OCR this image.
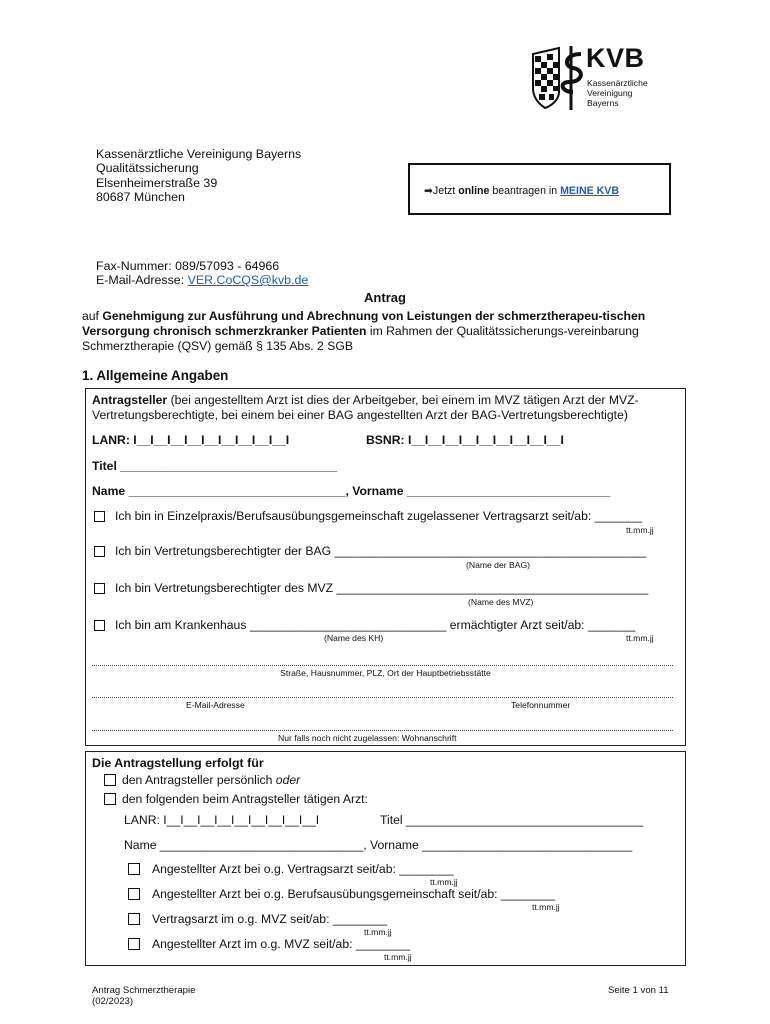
KVB
Kassenärztliche
Vereinigung
Bayerns
Kassenärztliche Vereinigung Bayerns
Qualitätssicherung
Elsenheimerstraße 39
80687 München	➡Jetzt online beantragen in MEINE KVB
Fax-Nummer: 089/57093 - 64966
E-Mail-Adresse: VER.CoCQS@kvb.de
Antrag
auf Genehmigung zur Ausführung und Abrechnung von Leistungen der schmerztherapeu-tischen Versorgung chronisch schmerzkranker Patienten im Rahmen der Qualitätssicherungs-vereinbarung Schmerztherapie (QSV) gemäß § 135 Abs. 2 SGB
1. Allgemeine Angaben
Antragsteller (bei angestelltem Arzt ist dies der Arbeitgeber, bei einem im MVZ tätigen Arzt der MVZ-
Vertretungsberechtigte, bei einem bei einer BAG angestellten Arzt der BAG-Vertretungsberechtigte)
LANR: I__I__I__I__I__I__I__I__I__I	BSNR: I__I__I__I__I__I__I__I__I__I
Titel ________________________________
Name ________________________________, Vorname ______________________________
Ich bin in Einzelpraxis/Berufsausübungsgemeinschaft zugelassener Vertragsarzt seit/ab: _______
tt.mm.jj
Ich bin Vertretungsberechtigter der BAG ______________________________________________
(Name der BAG)
Ich bin Vertretungsberechtigter des MVZ ______________________________________________
(Name des MVZ)
Ich bin am Krankenhaus _____________________________ ermächtigter Arzt seit/ab: _______
(Name des KH)	tt.mm.jj
Straße, Hausnummer, PLZ, Ort der Hauptbetriebsstätte
E-Mail-Adresse	Telefonnummer
Nur falls noch nicht zugelassen: Wohnanschrift
Die Antragstellung erfolgt für
den Antragsteller persönlich oder
den folgenden beim Antragsteller tätigen Arzt:
LANR: I__I__I__I__I__I__I__I__I__I	Titel ___________________________________
Name ______________________________, Vorname _______________________________
Angestellter Arzt bei o.g. Vertragsarzt seit/ab: ________
tt.mm.jj
Angestellter Arzt bei o.g. Berufsausübungsgemeinschaft seit/ab: ________
tt.mm.jj
Vertragsarzt im o.g. MVZ seit/ab: ________
tt.mm.jj
Angestellter Arzt im o.g. MVZ seit/ab: ________
tt.mm.jj
Antrag Schmerztherapie
(02/2023)
Seite 1 von 11
